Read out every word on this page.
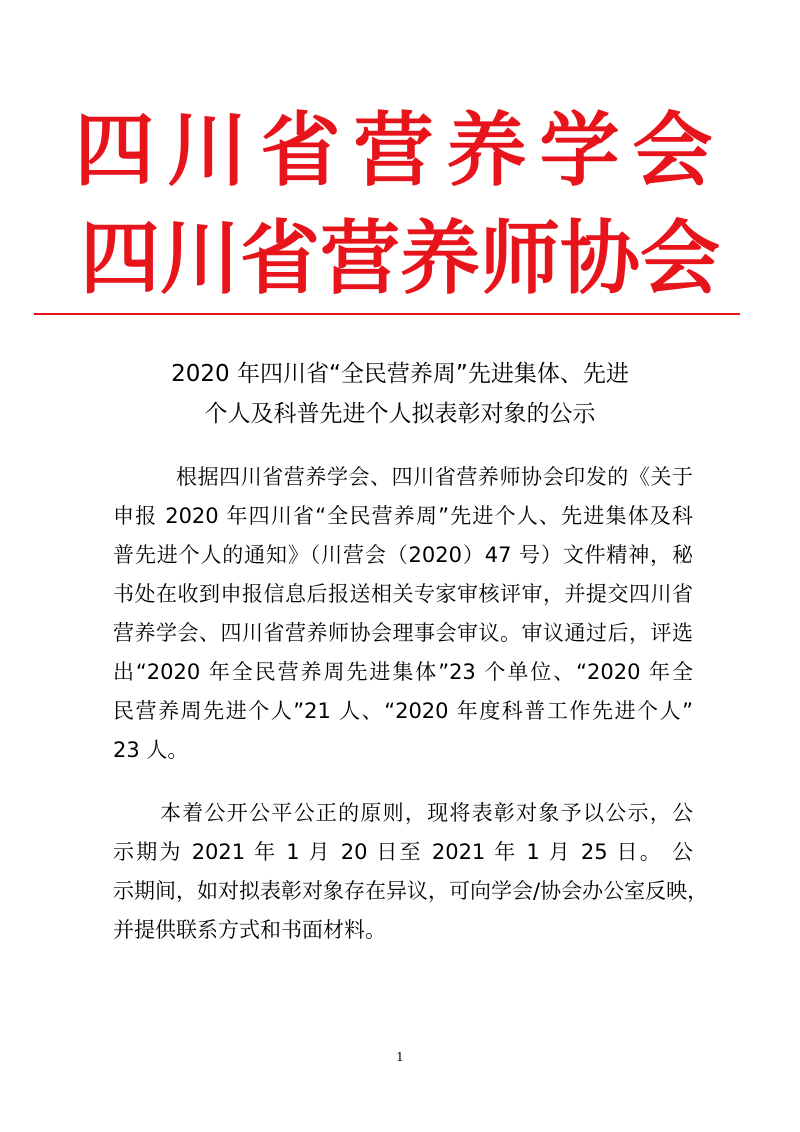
四川省营养学会
四川省营养师协会
2020 年四川省“全民营养周”先进集体、先进
个人及科普先进个人拟表彰对象的公示
根据四川省营养学会、四川省营养师协会印发的《关于
申报 2020 年四川省“全民营养周”先进个人、先进集体及科
普先进个人的通知》（川营会（2020）47 号）文件精神，秘
书处在收到申报信息后报送相关专家审核评审，并提交四川省
营养学会、四川省营养师协会理事会审议。审议通过后，评选
出“2020 年全民营养周先进集体”23 个单位、“2020 年全
民营养周先进个人”21 人、“2020 年度科普工作先进个人”
23 人。
本着公开公平公正的原则，现将表彰对象予以公示，公
示期为 2021 年 1 月 20 日至 2021 年 1 月 25 日。 公
示期间，如对拟表彰对象存在异议，可向学会/协会办公室反映，
并提供联系方式和书面材料。
1
